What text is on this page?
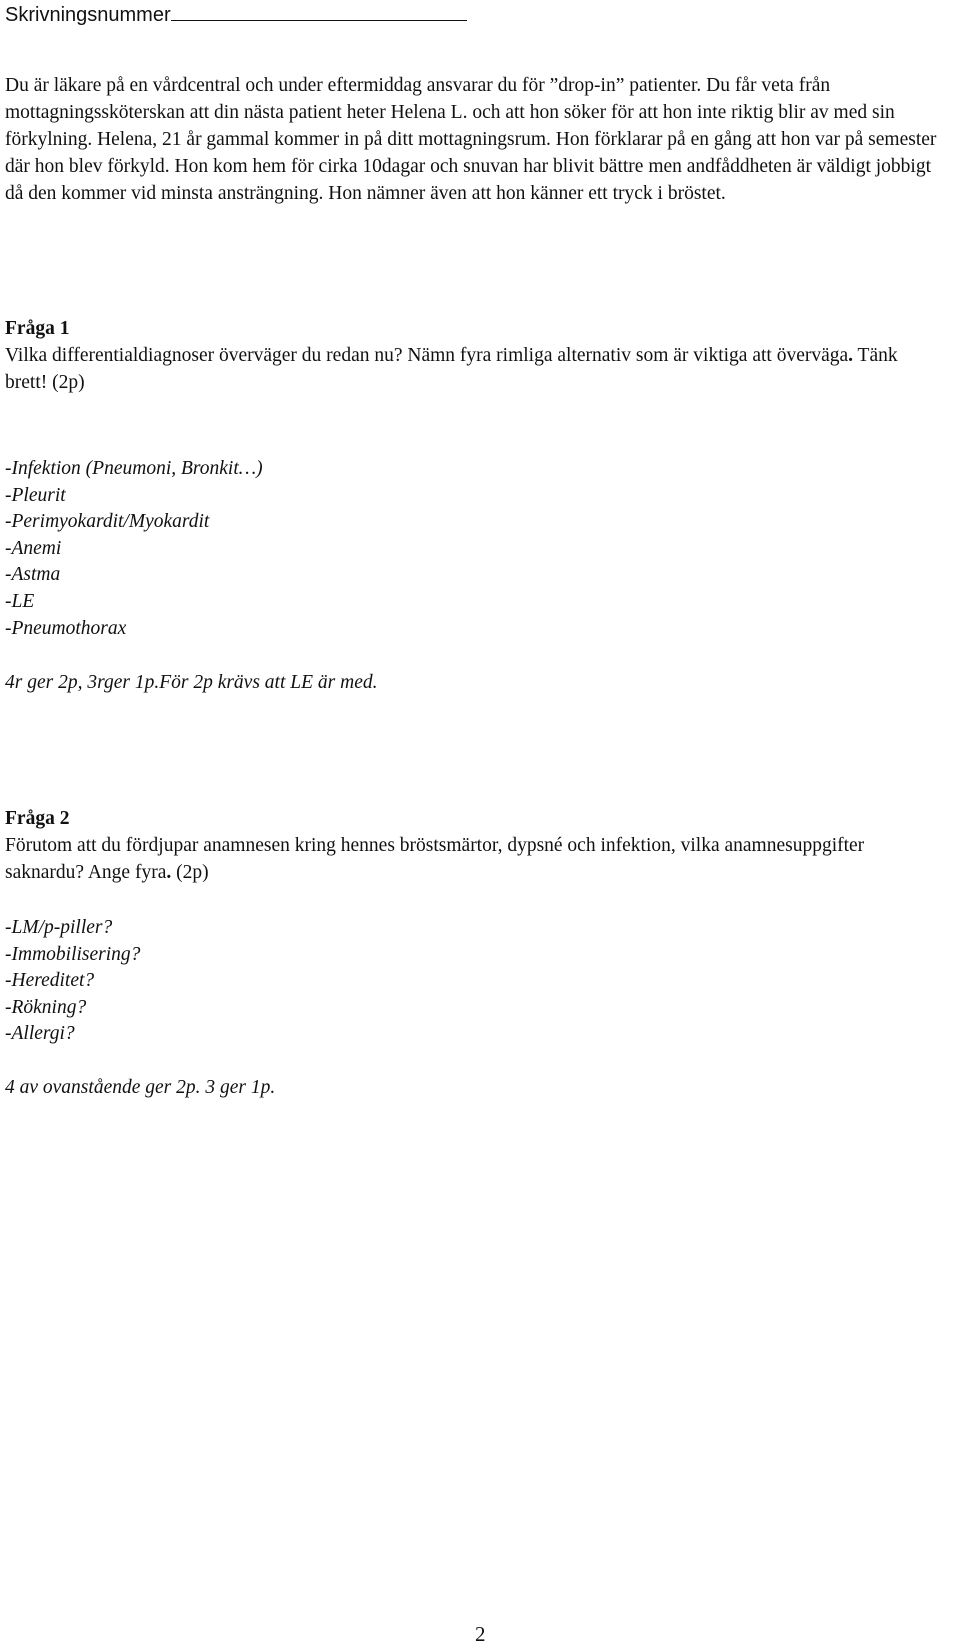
Skrivningsnummer

Du är läkare på en vårdcentral och under eftermiddag ansvarar du för ”drop-in” patienter. Du får veta från mottagningssköterskan att din nästa patient heter Helena L. och att hon söker för att hon inte riktig blir av med sin förkylning. Helena, 21 år gammal kommer in på ditt mottagningsrum. Hon förklarar på en gång att hon var på semester där hon blev förkyld. Hon kom hem för cirka 10dagar och snuvan har blivit bättre men andfåddheten är väldigt jobbigt då den kommer vid minsta ansträngning. Hon nämner även att hon känner ett tryck i bröstet.

Fråga 1
Vilka differentialdiagnoser överväger du redan nu? Nämn fyra rimliga alternativ som är viktiga att överväga. Tänk brett! (2p)
-Infektion (Pneumoni, Bronkit…)
-Pleurit
-Perimyokardit/Myokardit
-Anemi
-Astma
-LE
-Pneumothorax

4r ger 2p, 3rger 1p.För 2p krävs att LE är med.

Fråga 2
Förutom att du fördjupar anamnesen kring hennes bröstsmärtor, dypsné och infektion, vilka anamnesuppgifter saknardu? Ange fyra. (2p)
-LM/p-piller?
-Immobilisering?
-Hereditet?
-Rökning?
-Allergi?

4 av ovanstående ger 2p. 3 ger 1p.

2
